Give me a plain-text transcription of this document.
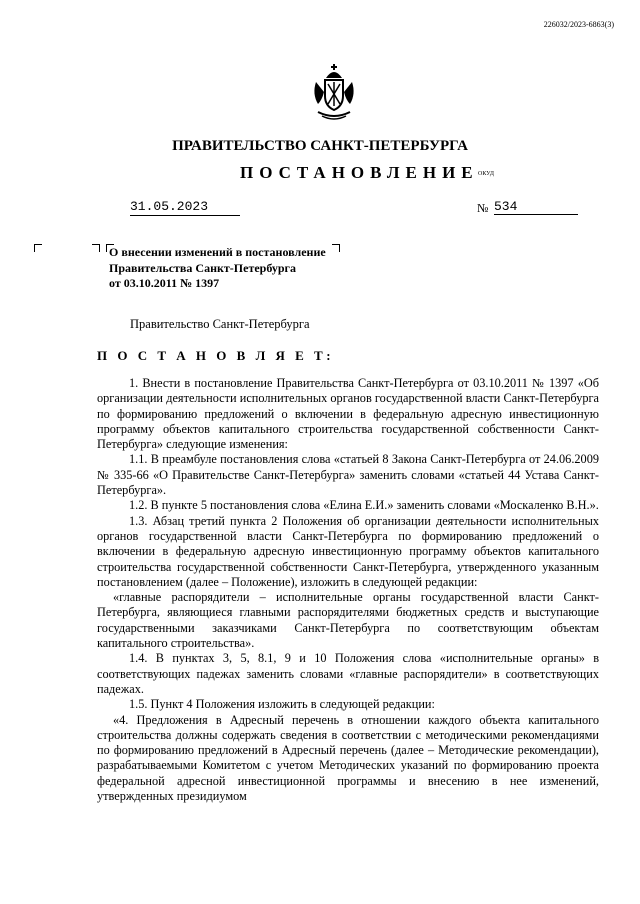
226032/2023-6863(3)
ПРАВИТЕЛЬСТВО САНКТ-ПЕТЕРБУРГА
ПОСТАНОВЛЕНИЕ ОКУД
31.05.2023	№ 534
О внесении изменений в постановление
Правительства Санкт-Петербурга
от 03.10.2011 № 1397
Правительство Санкт-Петербурга
П О С Т А Н О В Л Я Е Т:

1. Внести в постановление Правительства Санкт-Петербурга от 03.10.2011 № 1397 «Об организации деятельности исполнительных органов государственной власти Санкт-Петербурга по формированию предложений о включении в федеральную адресную инвестиционную программу объектов капитального строительства государственной собственности Санкт-Петербурга» следующие изменения:

1.1. В преамбуле постановления слова «статьей 8 Закона Санкт-Петербурга от 24.06.2009 № 335-66 «О Правительстве Санкт-Петербурга» заменить словами «статьей 44 Устава Санкт-Петербурга».

1.2. В пункте 5 постановления слова «Елина Е.И.» заменить словами «Москаленко В.Н.».

1.3. Абзац третий пункта 2 Положения об организации деятельности исполнительных органов государственной власти Санкт-Петербурга по формированию предложений о включении в федеральную адресную инвестиционную программу объектов капитального строительства государственной собственности Санкт-Петербурга, утвержденного указанным постановлением (далее – Положение), изложить в следующей редакции:

«главные распорядители – исполнительные органы государственной власти Санкт-Петербурга, являющиеся главными распорядителями бюджетных средств и выступающие государственными заказчиками Санкт-Петербурга по соответствующим объектам капитального строительства».

1.4. В пунктах 3, 5, 8.1, 9 и 10 Положения слова «исполнительные органы» в соответствующих падежах заменить словами «главные распорядители» в соответствующих падежах.

1.5. Пункт 4 Положения изложить в следующей редакции:

«4. Предложения в Адресный перечень в отношении каждого объекта капитального строительства должны содержать сведения в соответствии с методическими рекомендациями по формированию предложений в Адресный перечень (далее – Методические рекомендации), разрабатываемыми Комитетом с учетом Методических указаний по формированию проекта федеральной адресной инвестиционной программы и внесению в нее изменений, утвержденных президиумом
